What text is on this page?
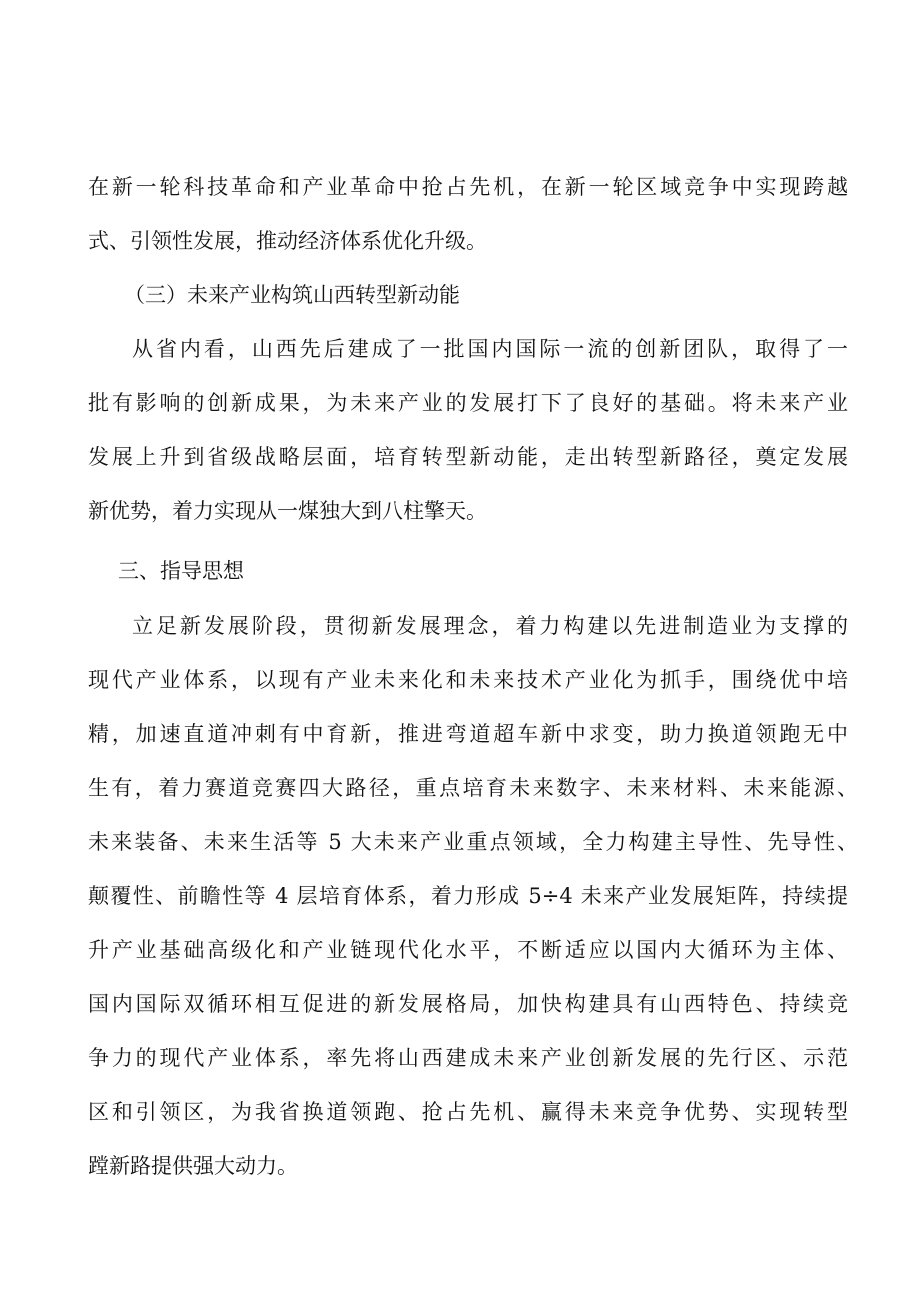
在新一轮科技革命和产业革命中抢占先机，在新一轮区域竞争中实现跨越
式、引领性发展，推动经济体系优化升级。
（三）未来产业构筑山西转型新动能
从省内看，山西先后建成了一批国内国际一流的创新团队，取得了一
批有影响的创新成果，为未来产业的发展打下了良好的基础。将未来产业
发展上升到省级战略层面，培育转型新动能，走出转型新路径，奠定发展
新优势，着力实现从一煤独大到八柱擎天。
三、指导思想
立足新发展阶段，贯彻新发展理念，着力构建以先进制造业为支撑的
现代产业体系，以现有产业未来化和未来技术产业化为抓手，围绕优中培
精，加速直道冲刺有中育新，推进弯道超车新中求变，助力换道领跑无中
生有，着力赛道竞赛四大路径，重点培育未来数字、未来材料、未来能源、
未来装备、未来生活等 5 大未来产业重点领域，全力构建主导性、先导性、
颠覆性、前瞻性等 4 层培育体系，着力形成 5÷4 未来产业发展矩阵，持续提
升产业基础高级化和产业链现代化水平，不断适应以国内大循环为主体、
国内国际双循环相互促进的新发展格局，加快构建具有山西特色、持续竞
争力的现代产业体系，率先将山西建成未来产业创新发展的先行区、示范
区和引领区，为我省换道领跑、抢占先机、赢得未来竞争优势、实现转型
蹚新路提供强大动力。
